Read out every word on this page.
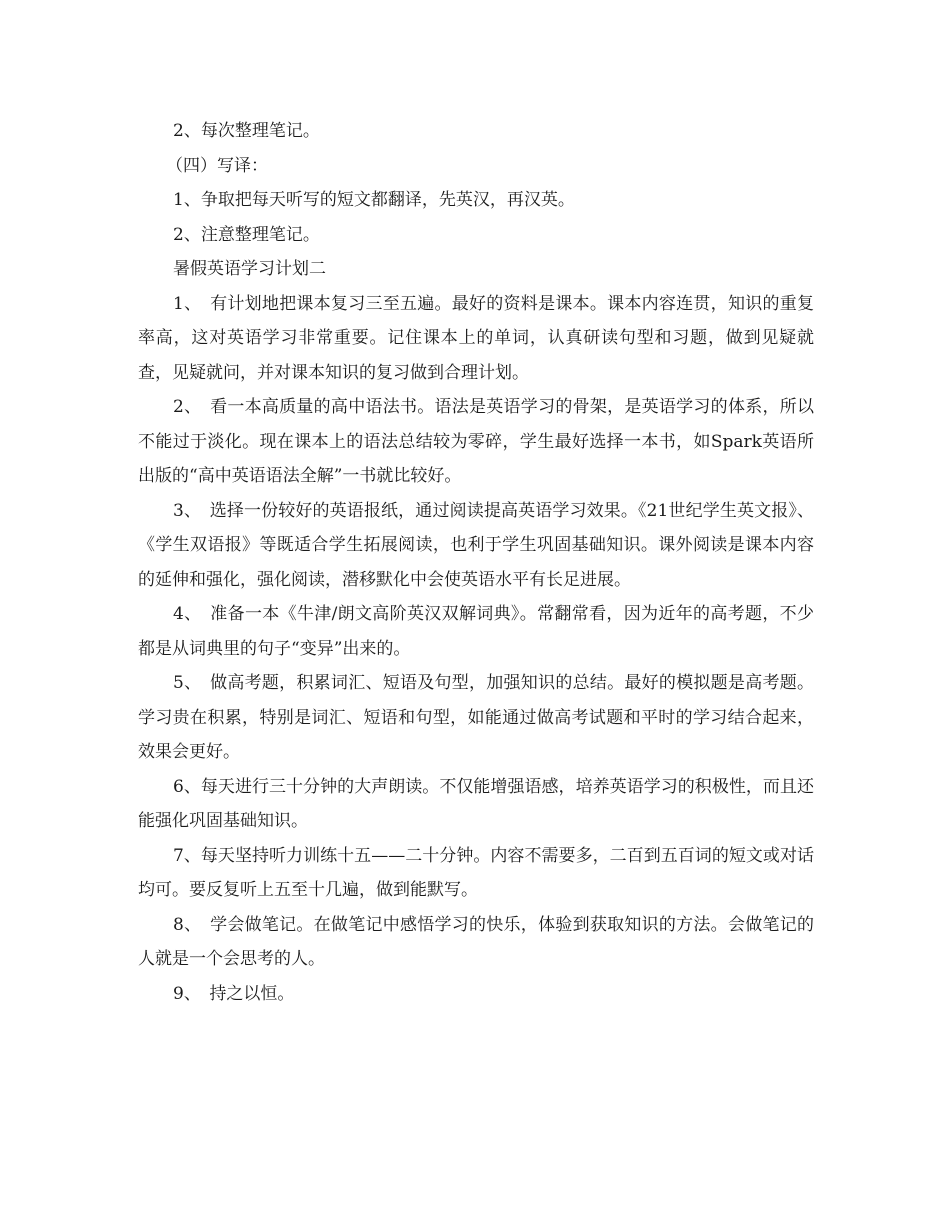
2、每次整理笔记。

（四）写译：

1、争取把每天听写的短文都翻译，先英汉，再汉英。

2、注意整理笔记。

暑假英语学习计划二

1、　有计划地把课本复习三至五遍。最好的资料是课本。课本内容连贯，知识的重复率高，这对英语学习非常重要。记住课本上的单词，认真研读句型和习题，做到见疑就查，见疑就问，并对课本知识的复习做到合理计划。

2、　看一本高质量的高中语法书。语法是英语学习的骨架，是英语学习的体系，所以不能过于淡化。现在课本上的语法总结较为零碎，学生最好选择一本书，如Spark英语所出版的“高中英语语法全解”一书就比较好。

3、　选择一份较好的英语报纸，通过阅读提高英语学习效果。《21世纪学生英文报》、《学生双语报》等既适合学生拓展阅读，也利于学生巩固基础知识。课外阅读是课本内容的延伸和强化，强化阅读，潜移默化中会使英语水平有长足进展。

4、　准备一本《牛津/朗文高阶英汉双解词典》。常翻常看，因为近年的高考题，不少都是从词典里的句子“变异”出来的。

5、　做高考题，积累词汇、短语及句型，加强知识的总结。最好的模拟题是高考题。学习贵在积累，特别是词汇、短语和句型，如能通过做高考试题和平时的学习结合起来，效果会更好。

6、每天进行三十分钟的大声朗读。不仅能增强语感，培养英语学习的积极性，而且还能强化巩固基础知识。

7、每天坚持听力训练十五——二十分钟。内容不需要多，二百到五百词的短文或对话均可。要反复听上五至十几遍，做到能默写。

8、　学会做笔记。在做笔记中感悟学习的快乐，体验到获取知识的方法。会做笔记的人就是一个会思考的人。

9、　持之以恒。
